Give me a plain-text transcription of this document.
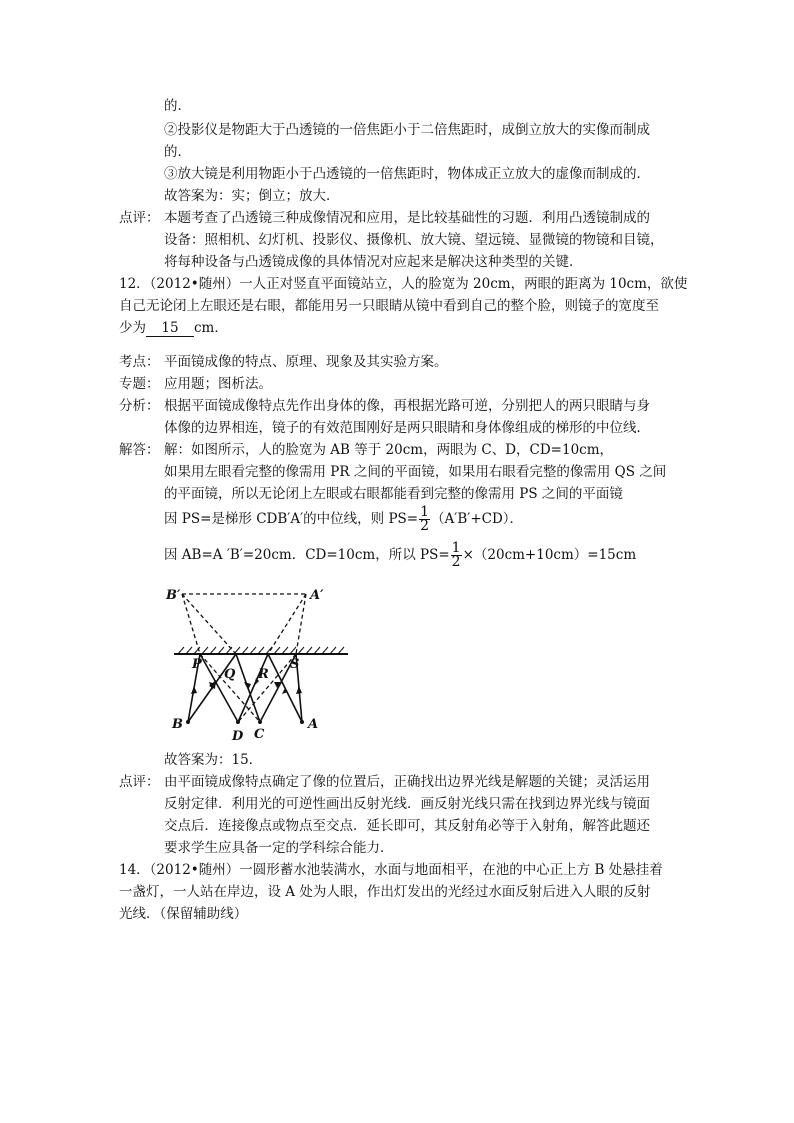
的．
②投影仪是物距大于凸透镜的一倍焦距小于二倍焦距时，成倒立放大的实像而制成
的．
③放大镜是利用物距小于凸透镜的一倍焦距时，物体成正立放大的虚像而制成的．
故答案为：实；倒立；放大．
点评： 本题考查了凸透镜三种成像情况和应用，是比较基础性的习题．利用凸透镜制成的
设备：照相机、幻灯机、投影仪、摄像机、放大镜、望远镜、显微镜的物镜和目镜，
将每种设备与凸透镜成像的具体情况对应起来是解决这种类型的关键．
12．（2012•随州）一人正对竖直平面镜站立，人的脸宽为 20cm，两眼的距离为 10cm，欲使
自己无论闭上左眼还是右眼，都能用另一只眼睛从镜中看到自己的整个脸，则镜子的宽度至
少为 15 cm．
考点： 平面镜成像的特点、原理、现象及其实验方案。
专题： 应用题；图析法。
分析： 根据平面镜成像特点先作出身体的像，再根据光路可逆，分别把人的两只眼睛与身
体像的边界相连，镜子的有效范围刚好是两只眼睛和身体像组成的梯形的中位线．
解答： 解：如图所示，人的脸宽为 AB 等于 20cm，两眼为 C、D，CD=10cm，
如果用左眼看完整的像需用 PR 之间的平面镜，如果用右眼看完整的像需用 QS 之间
的平面镜，所以无论闭上左眼或右眼都能看到完整的像需用 PS 之间的平面镜
因 PS=是梯形 CDB′A′的中位线，则 $PS= \frac{1}{2} (A'B'+CD)$．
因 AB=A ′B′=20cm．CD=10cm，所以 $PS= \frac{1}{2} \times(20cm+10cm)=15cm$
B′	A′
P
Q R
S
B
D C
A
故答案为：15．
点评： 由平面镜成像特点确定了像的位置后，正确找出边界光线是解题的关键；灵活运用
反射定律．利用光的可逆性画出反射光线．画反射光线只需在找到边界光线与镜面
交点后．连接像点或物点至交点．延长即可，其反射角必等于入射角，解答此题还
要求学生应具备一定的学科综合能力．
14．（2012•随州）一圆形蓄水池装满水，水面与地面相平，在池的中心正上方 B 处悬挂着
一盏灯，一人站在岸边，设 A 处为人眼，作出灯发出的光经过水面反射后进入人眼的反射
光线．（保留辅助线）
